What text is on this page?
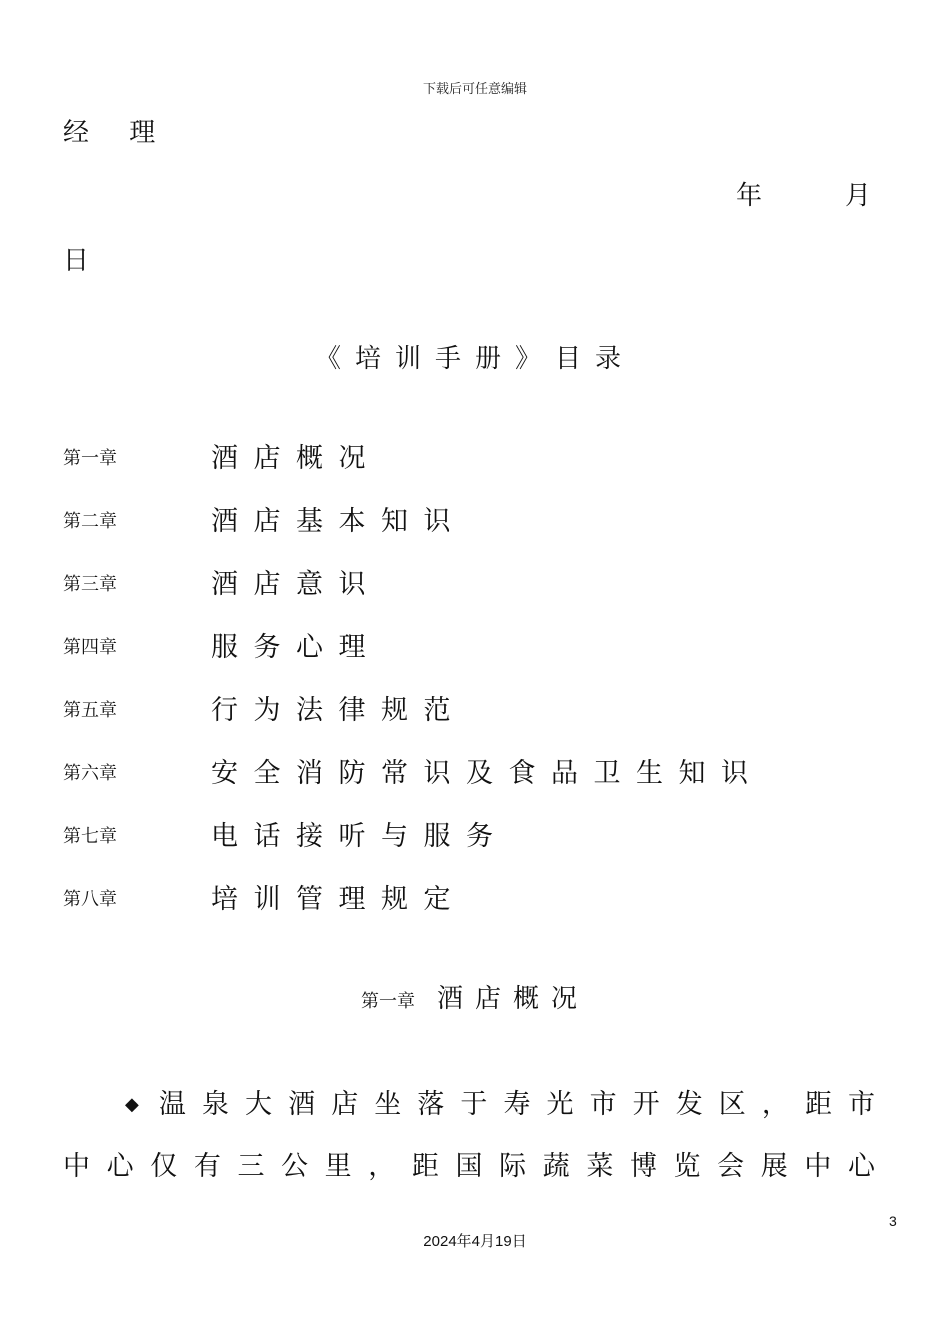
下载后可任意编辑
经 理
年	月
日
《培训手册》目录
第一章	酒店概况
第二章	酒店基本知识
第三章	酒店意识
第四章	服务心理
第五章	行为法律规范
第六章	安全消防常识及食品卫生知识
第七章	电话接听与服务
第八章	培训管理规定
第一章 酒店概况
◆ 温泉大酒店坐落于寿光市开发区，距市
中心仅有三公里，距国际蔬菜博览会展中心
3
2024年4月19日
